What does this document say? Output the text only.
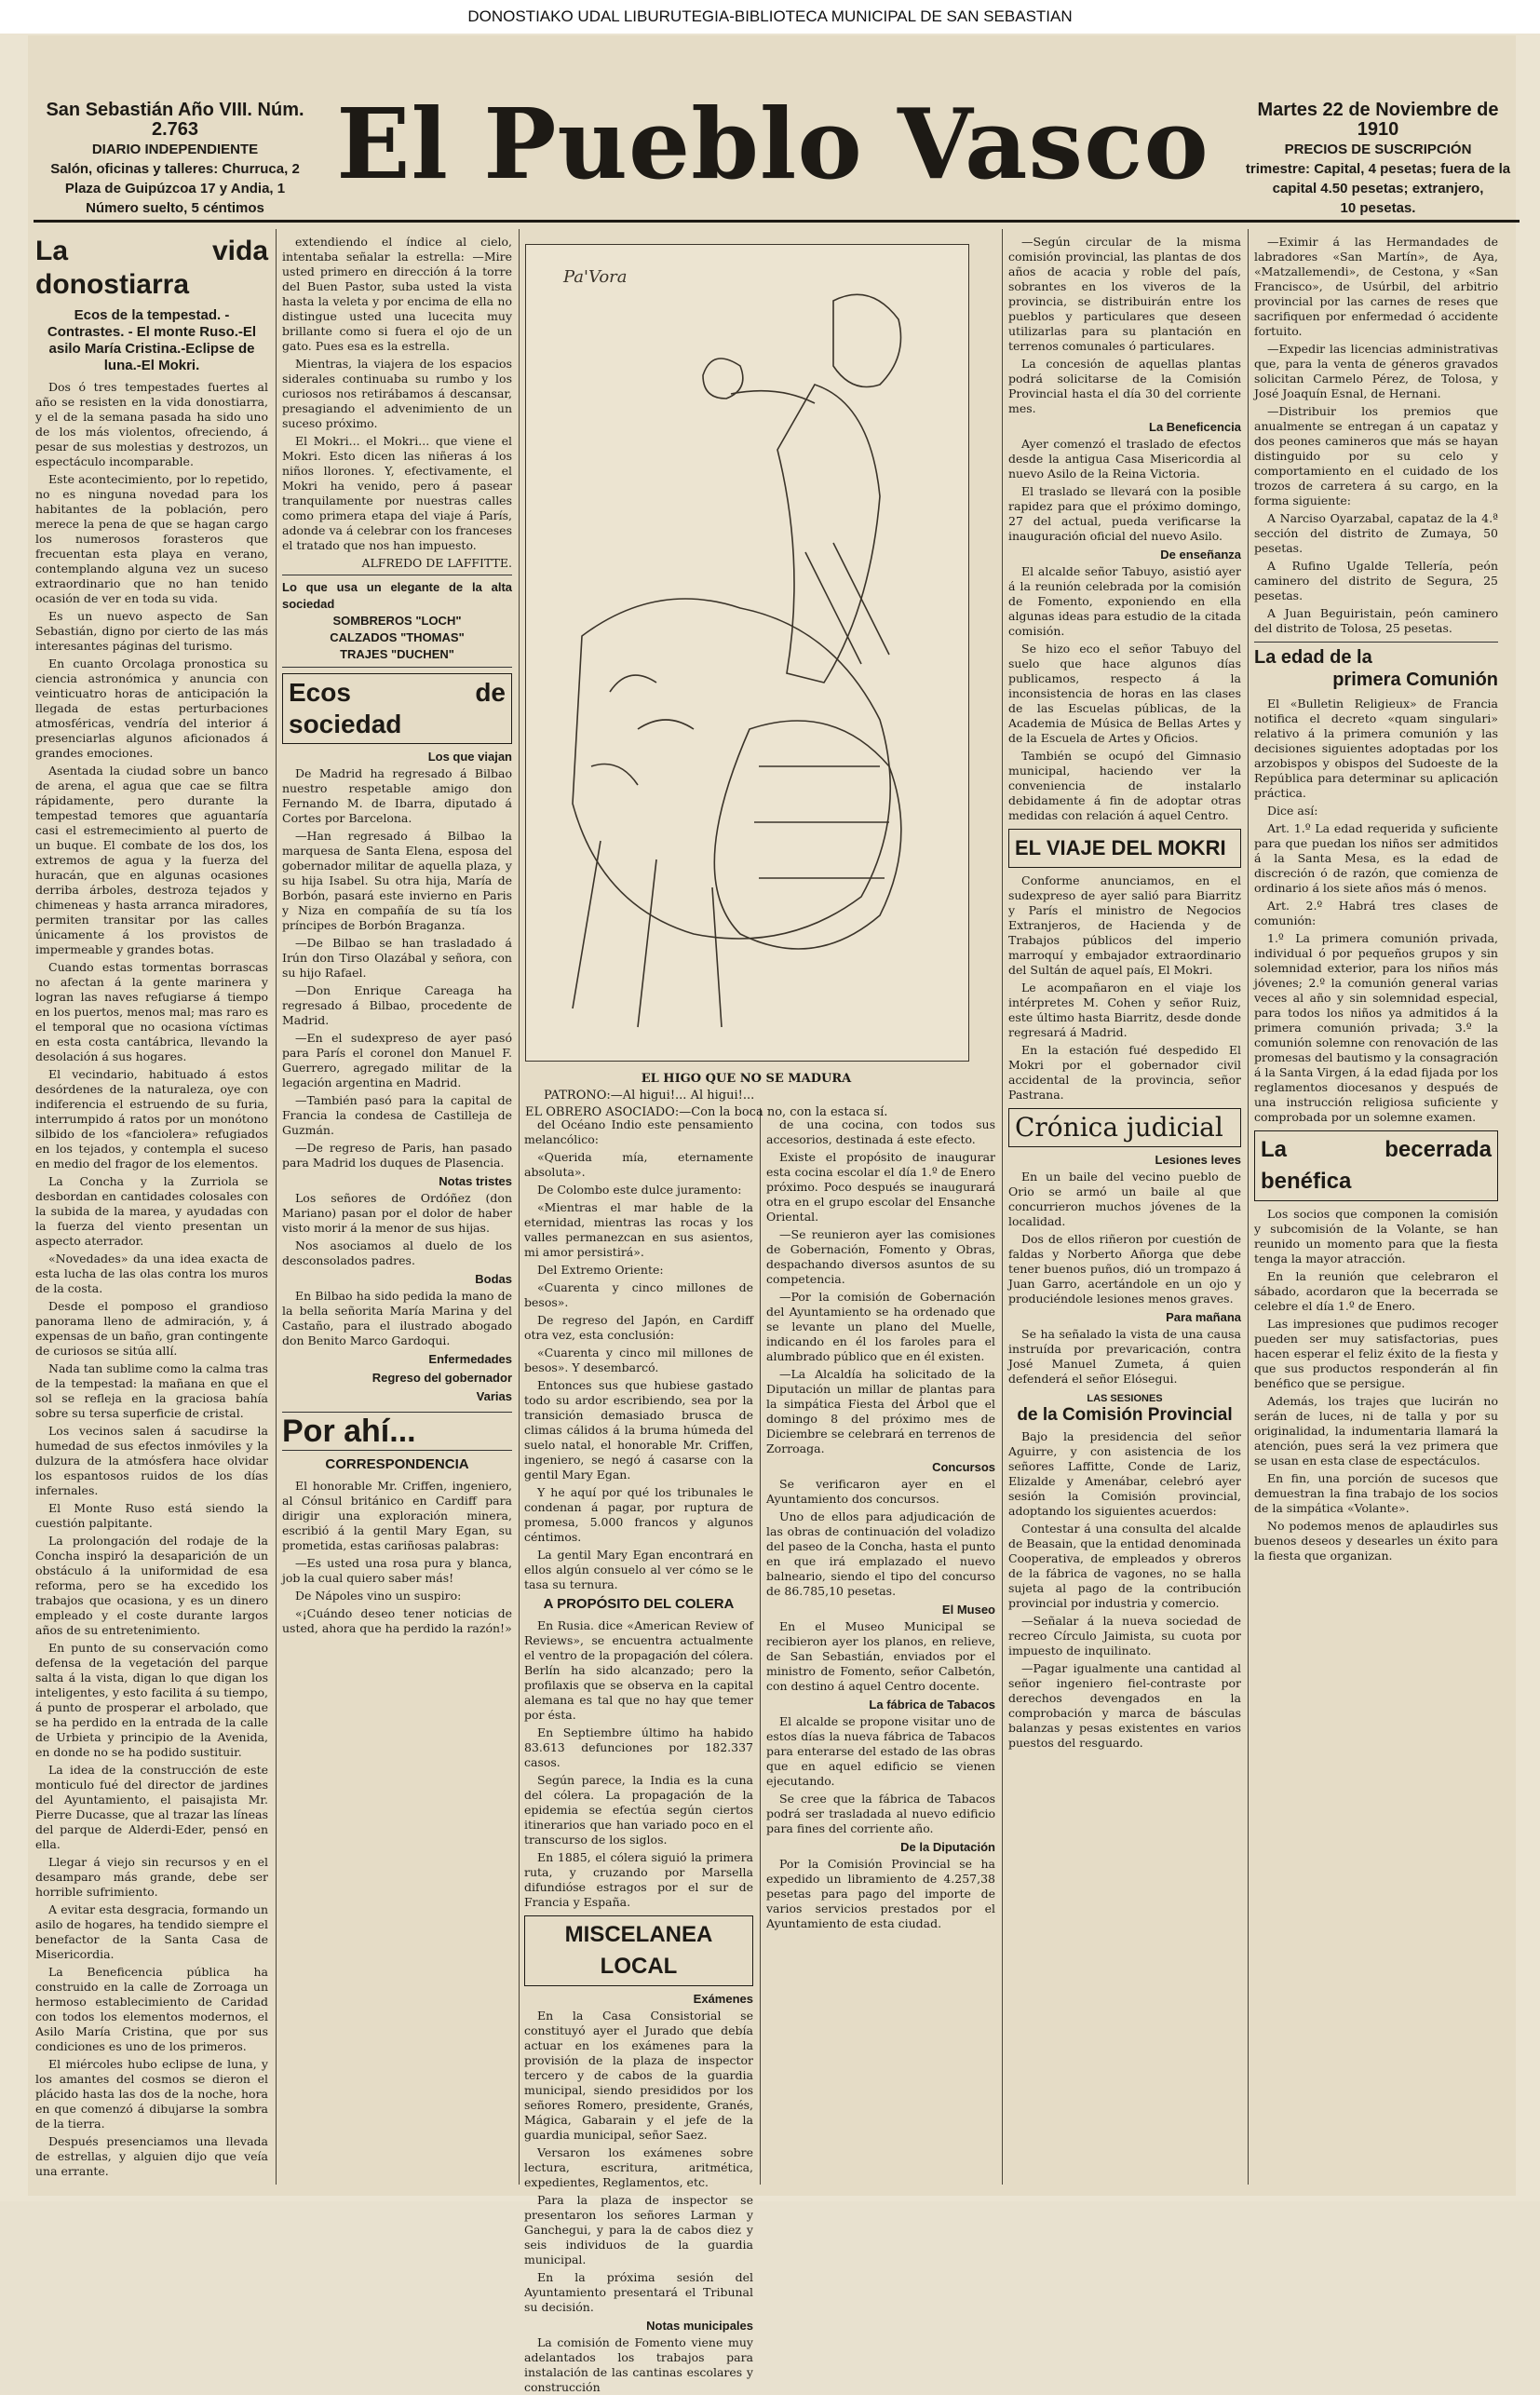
DONOSTIAKO UDAL LIBURUTEGIA-BIBLIOTECA MUNICIPAL DE SAN SEBASTIAN
San Sebastián Año VIII. Núm. 2.763
DIARIO INDEPENDIENTE
Salón, oficinas y talleres: Churruca, 2
Plaza de Guipúzcoa 17 y Andia, 1
Número suelto, 5 céntimos
El Pueblo Vasco	Martes 22 de Noviembre de 1910
PRECIOS DE SUSCRIPCIÓN
trimestre: Capital, 4 pesetas; fuera de la
capital 4.50 pesetas; extranjero,
10 pesetas.
La vida donostiarra
Ecos de la tempestad. - Contrastes. - El monte Ruso.-El asilo María Cristina.-Eclipse de luna.-El Mokri.

Dos ó tres tempestades fuertes al año se resisten en la vida donostiarra, y el de la semana pasada ha sido uno de los más violentos, ofreciendo, á pesar de sus molestias y destrozos, un espectáculo incomparable.

Este acontecimiento, por lo repetido, no es ninguna novedad para los habitantes de la población, pero merece la pena de que se hagan cargo los numerosos forasteros que frecuentan esta playa en verano, contemplando alguna vez un suceso extraordinario que no han tenido ocasión de ver en toda su vida.

Es un nuevo aspecto de San Sebastián, digno por cierto de las más interesantes páginas del turismo.

En cuanto Orcolaga pronostica su ciencia astronómica y anuncia con veinticuatro horas de anticipación la llegada de estas perturbaciones atmosféricas, vendría del interior á presenciarlas algunos aficionados á grandes emociones.

Asentada la ciudad sobre un banco de arena, el agua que cae se filtra rápidamente, pero durante la tempestad temores que aguantaría casi el estremecimiento al puerto de un buque. El combate de los dos, los extremos de agua y la fuerza del huracán, que en algunas ocasiones derriba árboles, destroza tejados y chimeneas y hasta arranca miradores, permiten transitar por las calles únicamente á los provistos de impermeable y grandes botas.

Cuando estas tormentas borrascas no afectan á la gente marinera y logran las naves refugiarse á tiempo en los puertos, menos mal; mas raro es el temporal que no ocasiona víctimas en esta costa cantábrica, llevando la desolación á sus hogares.

El vecindario, habituado á estos desórdenes de la naturaleza, oye con indiferencia el estruendo de su furia, interrumpido á ratos por un monótono silbido de los «fanciolera» refugiados en los tejados, y contempla el suceso en medio del fragor de los elementos.

La Concha y la Zurriola se desbordan en cantidades colosales con la subida de la marea, y ayudadas con la fuerza del viento presentan un aspecto aterrador.

«Novedades» da una idea exacta de esta lucha de las olas contra los muros de la costa.

Desde el pomposo el grandioso panorama lleno de admiración, y, á expensas de un baño, gran contingente de curiosos se sitúa allí.

Nada tan sublime como la calma tras de la tempestad: la mañana en que el sol se refleja en la graciosa bahía sobre su tersa superficie de cristal.

Los vecinos salen á sacudirse la humedad de sus efectos inmóviles y la dulzura de la atmósfera hace olvidar los espantosos ruidos de los días infernales.

El Monte Ruso está siendo la cuestión palpitante.

La prolongación del rodaje de la Concha inspiró la desaparición de un obstáculo á la uniformidad de esa reforma, pero se ha excedido los trabajos que ocasiona, y es un dinero empleado y el coste durante largos años de su entretenimiento.

En punto de su conservación como defensa de la vegetación del parque salta á la vista, digan lo que digan los inteligentes, y esto facilita á su tiempo, á punto de prosperar el arbolado, que se ha perdido en la entrada de la calle de Urbieta y principio de la Avenida, en donde no se ha podido sustituir.

La idea de la construcción de este monticulo fué del director de jardines del Ayuntamiento, el paisajista Mr. Pierre Ducasse, que al trazar las líneas del parque de Alderdi-Eder, pensó en ella.

Llegar á viejo sin recursos y en el desamparo más grande, debe ser horrible sufrimiento.

A evitar esta desgracia, formando un asilo de hogares, ha tendido siempre el benefactor de la Santa Casa de Misericordia.

La Beneficencia pública ha construido en la calle de Zorroaga un hermoso establecimiento de Caridad con todos los elementos modernos, el Asilo María Cristina, que por sus condiciones es uno de los primeros.

El miércoles hubo eclipse de luna, y los amantes del cosmos se dieron el plácido hasta las dos de la noche, hora en que comenzó á dibujarse la sombra de la tierra.

Después presenciamos una llevada de estrellas, y alguien dijo que veía una errante.

extendiendo el índice al cielo, intentaba señalar la estrella: —Mire usted primero en dirección á la torre del Buen Pastor, suba usted la vista hasta la veleta y por encima de ella no distingue usted una lucecita muy brillante como si fuera el ojo de un gato. Pues esa es la estrella.

Mientras, la viajera de los espacios siderales continuaba su rumbo y los curiosos nos retirábamos á descansar, presagiando el advenimiento de un suceso próximo.

El Mokri... el Mokri... que viene el Mokri. Esto dicen las niñeras á los niños llorones. Y, efectivamente, el Mokri ha venido, pero á pasear tranquilamente por nuestras calles como primera etapa del viaje á París, adonde va á celebrar con los franceses el tratado que nos han impuesto.

ALFREDO DE LAFFITTE.

Lo que usa un elegante de la alta sociedad
SOMBREROS "LOCH"
CALZADOS "THOMAS"
TRAJES "DUCHEN"
Ecos de sociedad
Los que viajan

De Madrid ha regresado á Bilbao nuestro respetable amigo don Fernando M. de Ibarra, diputado á Cortes por Barcelona.

—Han regresado á Bilbao la marquesa de Santa Elena, esposa del gobernador militar de aquella plaza, y su hija Isabel. Su otra hija, María de Borbón, pasará este invierno en Paris y Niza en compañía de su tía los príncipes de Borbón Braganza.

—De Bilbao se han trasladado á Irún don Tirso Olazábal y señora, con su hijo Rafael.

—Don Enrique Careaga ha regresado á Bilbao, procedente de Madrid.

—En el sudexpreso de ayer pasó para París el coronel don Manuel F. Guerrero, agregado militar de la legación argentina en Madrid.

—También pasó para la capital de Francia la condesa de Castilleja de Guzmán.

—De regreso de Paris, han pasado para Madrid los duques de Plasencia.

Notas tristes

Los señores de Ordóñez (don Mariano) pasan por el dolor de haber visto morir á la menor de sus hijas.

Nos asociamos al duelo de los desconsolados padres.

Bodas

En Bilbao ha sido pedida la mano de la bella señorita María Marina y del Castaño, para el ilustrado abogado don Benito Marco Gardoqui.

Enfermedades
Regreso del gobernador
Varias
Por ahí...
CORRESPONDENCIA

El honorable Mr. Criffen, ingeniero, al Cónsul británico en Cardiff para dirigir una exploración minera, escribió á la gentil Mary Egan, su prometida, estas cariñosas palabras:

—Es usted una rosa pura y blanca, job la cual quiero saber más!

De Nápoles vino un suspiro:

«¡Cuándo deseo tener noticias de usted, ahora que ha perdido la razón!»

Pa'Vora
EL HIGO QUE NO SE MADURA
PATRONO:—Al higui!... Al higui!...
EL OBRERO ASOCIADO:—Con la boca no, con la estaca sí.

del Océano Indio este pensamiento melancólico:

«Querida mía, eternamente absoluta».

De Colombo este dulce juramento:

«Mientras el mar hable de la eternidad, mientras las rocas y los valles permanezcan en sus asientos, mi amor persistirá».

Del Extremo Oriente:

«Cuarenta y cinco millones de besos».

De regreso del Japón, en Cardiff otra vez, esta conclusión:

«Cuarenta y cinco mil millones de besos». Y desembarcó.

Entonces sus que hubiese gastado todo su ardor escribiendo, sea por la transición demasiado brusca de climas cálidos á la bruma húmeda del suelo natal, el honorable Mr. Criffen, ingeniero, se negó á casarse con la gentil Mary Egan.

Y he aquí por qué los tribunales le condenan á pagar, por ruptura de promesa, 5.000 francos y algunos céntimos.

La gentil Mary Egan encontrará en ellos algún consuelo al ver cómo se le tasa su ternura.

A PROPÓSITO DEL COLERA

En Rusia. dice «American Review of Reviews», se encuentra actualmente el ventro de la propagación del cólera. Berlín ha sido alcanzado; pero la profilaxis que se observa en la capital alemana es tal que no hay que temer por ésta.

En Septiembre último ha habido 83.613 defunciones por 182.337 casos.

Según parece, la India es la cuna del cólera. La propagación de la epidemia se efectúa según ciertos itinerarios que han variado poco en el transcurso de los siglos.

En 1885, el cólera siguió la primera ruta, y cruzando por Marsella difundióse estragos por el sur de Francia y España.

MISCELANEA LOCAL
Exámenes

En la Casa Consistorial se constituyó ayer el Jurado que debía actuar en los exámenes para la provisión de la plaza de inspector tercero y de cabos de la guardia municipal, siendo presididos por los señores Romero, presidente, Granés, Mágica, Gabarain y el jefe de la guardia municipal, señor Saez.

Versaron los exámenes sobre lectura, escritura, aritmética, expedientes, Reglamentos, etc.

Para la plaza de inspector se presentaron los señores Larman y Ganchegui, y para la de cabos diez y seis individuos de la guardia municipal.

En la próxima sesión del Ayuntamiento presentará el Tribunal su decisión.

Notas municipales

La comisión de Fomento viene muy adelantados los trabajos para instalación de las cantinas escolares y construcción

de una cocina, con todos sus accesorios, destinada á este efecto.

Existe el propósito de inaugurar esta cocina escolar el día 1.º de Enero próximo. Poco después se inaugurará otra en el grupo escolar del Ensanche Oriental.

—Se reunieron ayer las comisiones de Gobernación, Fomento y Obras, despachando diversos asuntos de su competencia.

—Por la comisión de Gobernación del Ayuntamiento se ha ordenado que se levante un plano del Muelle, indicando en él los faroles para el alumbrado público que en él existen.

—La Alcaldía ha solicitado de la Diputación un millar de plantas para la simpática Fiesta del Árbol que el domingo 8 del próximo mes de Diciembre se celebrará en terrenos de Zorroaga.

Concursos

Se verificaron ayer en el Ayuntamiento dos concursos.

Uno de ellos para adjudicación de las obras de continuación del voladizo del paseo de la Concha, hasta el punto en que irá emplazado el nuevo balneario, siendo el tipo del concurso de 86.785,10 pesetas.

El Museo

En el Museo Municipal se recibieron ayer los planos, en relieve, de San Sebastián, enviados por el ministro de Fomento, señor Calbetón, con destino á aquel Centro docente.

La fábrica de Tabacos

El alcalde se propone visitar uno de estos días la nueva fábrica de Tabacos para enterarse del estado de las obras que en aquel edificio se vienen ejecutando.

Se cree que la fábrica de Tabacos podrá ser trasladada al nuevo edificio para fines del corriente año.

De la Diputación

Por la Comisión Provincial se ha expedido un libramiento de 4.257,38 pesetas para pago del importe de varios servicios prestados por el Ayuntamiento de esta ciudad.

—Según circular de la misma comisión provincial, las plantas de dos años de acacia y roble del país, sobrantes en los viveros de la provincia, se distribuirán entre los pueblos y particulares que deseen utilizarlas para su plantación en terrenos comunales ó particulares.

La concesión de aquellas plantas podrá solicitarse de la Comisión Provincial hasta el día 30 del corriente mes.

La Beneficencia

Ayer comenzó el traslado de efectos desde la antigua Casa Misericordia al nuevo Asilo de la Reina Victoria.

El traslado se llevará con la posible rapidez para que el próximo domingo, 27 del actual, pueda verificarse la inauguración oficial del nuevo Asilo.

De enseñanza

El alcalde señor Tabuyo, asistió ayer á la reunión celebrada por la comisión de Fomento, exponiendo en ella algunas ideas para estudio de la citada comisión.

Se hizo eco el señor Tabuyo del suelo que hace algunos días publicamos, respecto á la inconsistencia de horas en las clases de las Escuelas públicas, de la Academia de Música de Bellas Artes y de la Escuela de Artes y Oficios.

También se ocupó del Gimnasio municipal, haciendo ver la conveniencia de instalarlo debidamente á fin de adoptar otras medidas con relación á aquel Centro.

EL VIAJE DEL MOKRI

Conforme anunciamos, en el sudexpreso de ayer salió para Biarritz y París el ministro de Negocios Extranjeros, de Hacienda y de Trabajos públicos del imperio marroquí y embajador extraordinario del Sultán de aquel país, El Mokri.

Le acompañaron en el viaje los intérpretes M. Cohen y señor Ruiz, este último hasta Biarritz, desde donde regresará á Madrid.

En la estación fué despedido El Mokri por el gobernador civil accidental de la provincia, señor Pastrana.

Crónica judicial
Lesiones leves

En un baile del vecino pueblo de Orio se armó un baile al que concurrieron muchos jóvenes de la localidad.

Dos de ellos riñeron por cuestión de faldas y Norberto Añorga que debe tener buenos puños, dió un trompazo á Juan Garro, acertándole en un ojo y produciéndole lesiones menos graves.

Para mañana

Se ha señalado la vista de una causa instruída por prevaricación, contra José Manuel Zumeta, á quien defenderá el señor Elósegui.

LAS SESIONES
de la Comisión Provincial

Bajo la presidencia del señor Aguirre, y con asistencia de los señores Laffitte, Conde de Lariz, Elizalde y Amenábar, celebró ayer sesión la Comisión provincial, adoptando los siguientes acuerdos:

Contestar á una consulta del alcalde de Beasain, que la entidad denominada Cooperativa, de empleados y obreros de la fábrica de vagones, no se halla sujeta al pago de la contribución provincial por industria y comercio.

—Señalar á la nueva sociedad de recreo Círculo Jaimista, su cuota por impuesto de inquilinato.

—Pagar igualmente una cantidad al señor ingeniero fiel-contraste por derechos devengados en la comprobación y marca de básculas balanzas y pesas existentes en varios puestos del resguardo.

—Eximir á las Hermandades de labradores «San Martín», de Aya, «Matzallemendi», de Cestona, y «San Francisco», de Usúrbil, del arbitrio provincial por las carnes de reses que sacrifiquen por enfermedad ó accidente fortuito.

—Expedir las licencias administrativas que, para la venta de géneros gravados solicitan Carmelo Pérez, de Tolosa, y José Joaquín Esnal, de Hernani.

—Distribuir los premios que anualmente se entregan á un capataz y dos peones camineros que más se hayan distinguido por su celo y comportamiento en el cuidado de los trozos de carretera á su cargo, en la forma siguiente:

A Narciso Oyarzabal, capataz de la 4.ª sección del distrito de Zumaya, 50 pesetas.

A Rufino Ugalde Tellería, peón caminero del distrito de Segura, 25 pesetas.

A Juan Beguiristain, peón caminero del distrito de Tolosa, 25 pesetas.

La edad de la
primera Comunión

El «Bulletin Religieux» de Francia notifica el decreto «quam singulari» relativo á la primera comunión y las decisiones siguientes adoptadas por los arzobispos y obispos del Sudoeste de la República para determinar su aplicación práctica.

Dice así:

Art. 1.º La edad requerida y suficiente para que puedan los niños ser admitidos á la Santa Mesa, es la edad de discreción ó de razón, que comienza de ordinario á los siete años más ó menos.

Art. 2.º Habrá tres clases de comunión:

1.º La primera comunión privada, individual ó por pequeños grupos y sin solemnidad exterior, para los niños más jóvenes; 2.º la comunión general varias veces al año y sin solemnidad especial, para todos los niños ya admitidos á la primera comunión privada; 3.º la comunión solemne con renovación de las promesas del bautismo y la consagración á la Santa Virgen, á la edad fijada por los reglamentos diocesanos y después de una instrucción religiosa suficiente y comprobada por un solemne examen.

La becerrada benéfica

Los socios que componen la comisión y subcomisión de la Volante, se han reunido un momento para que la fiesta tenga la mayor atracción.

En la reunión que celebraron el sábado, acordaron que la becerrada se celebre el día 1.º de Enero.

Las impresiones que pudimos recoger pueden ser muy satisfactorias, pues hacen esperar el feliz éxito de la fiesta y que sus productos responderán al fin benéfico que se persigue.

Además, los trajes que lucirán no serán de luces, ni de talla y por su originalidad, la indumentaria llamará la atención, pues será la vez primera que se usan en esta clase de espectáculos.

En fin, una porción de sucesos que demuestran la fina trabajo de los socios de la simpática «Volante».

No podemos menos de aplaudirles sus buenos deseos y desearles un éxito para la fiesta que organizan.
